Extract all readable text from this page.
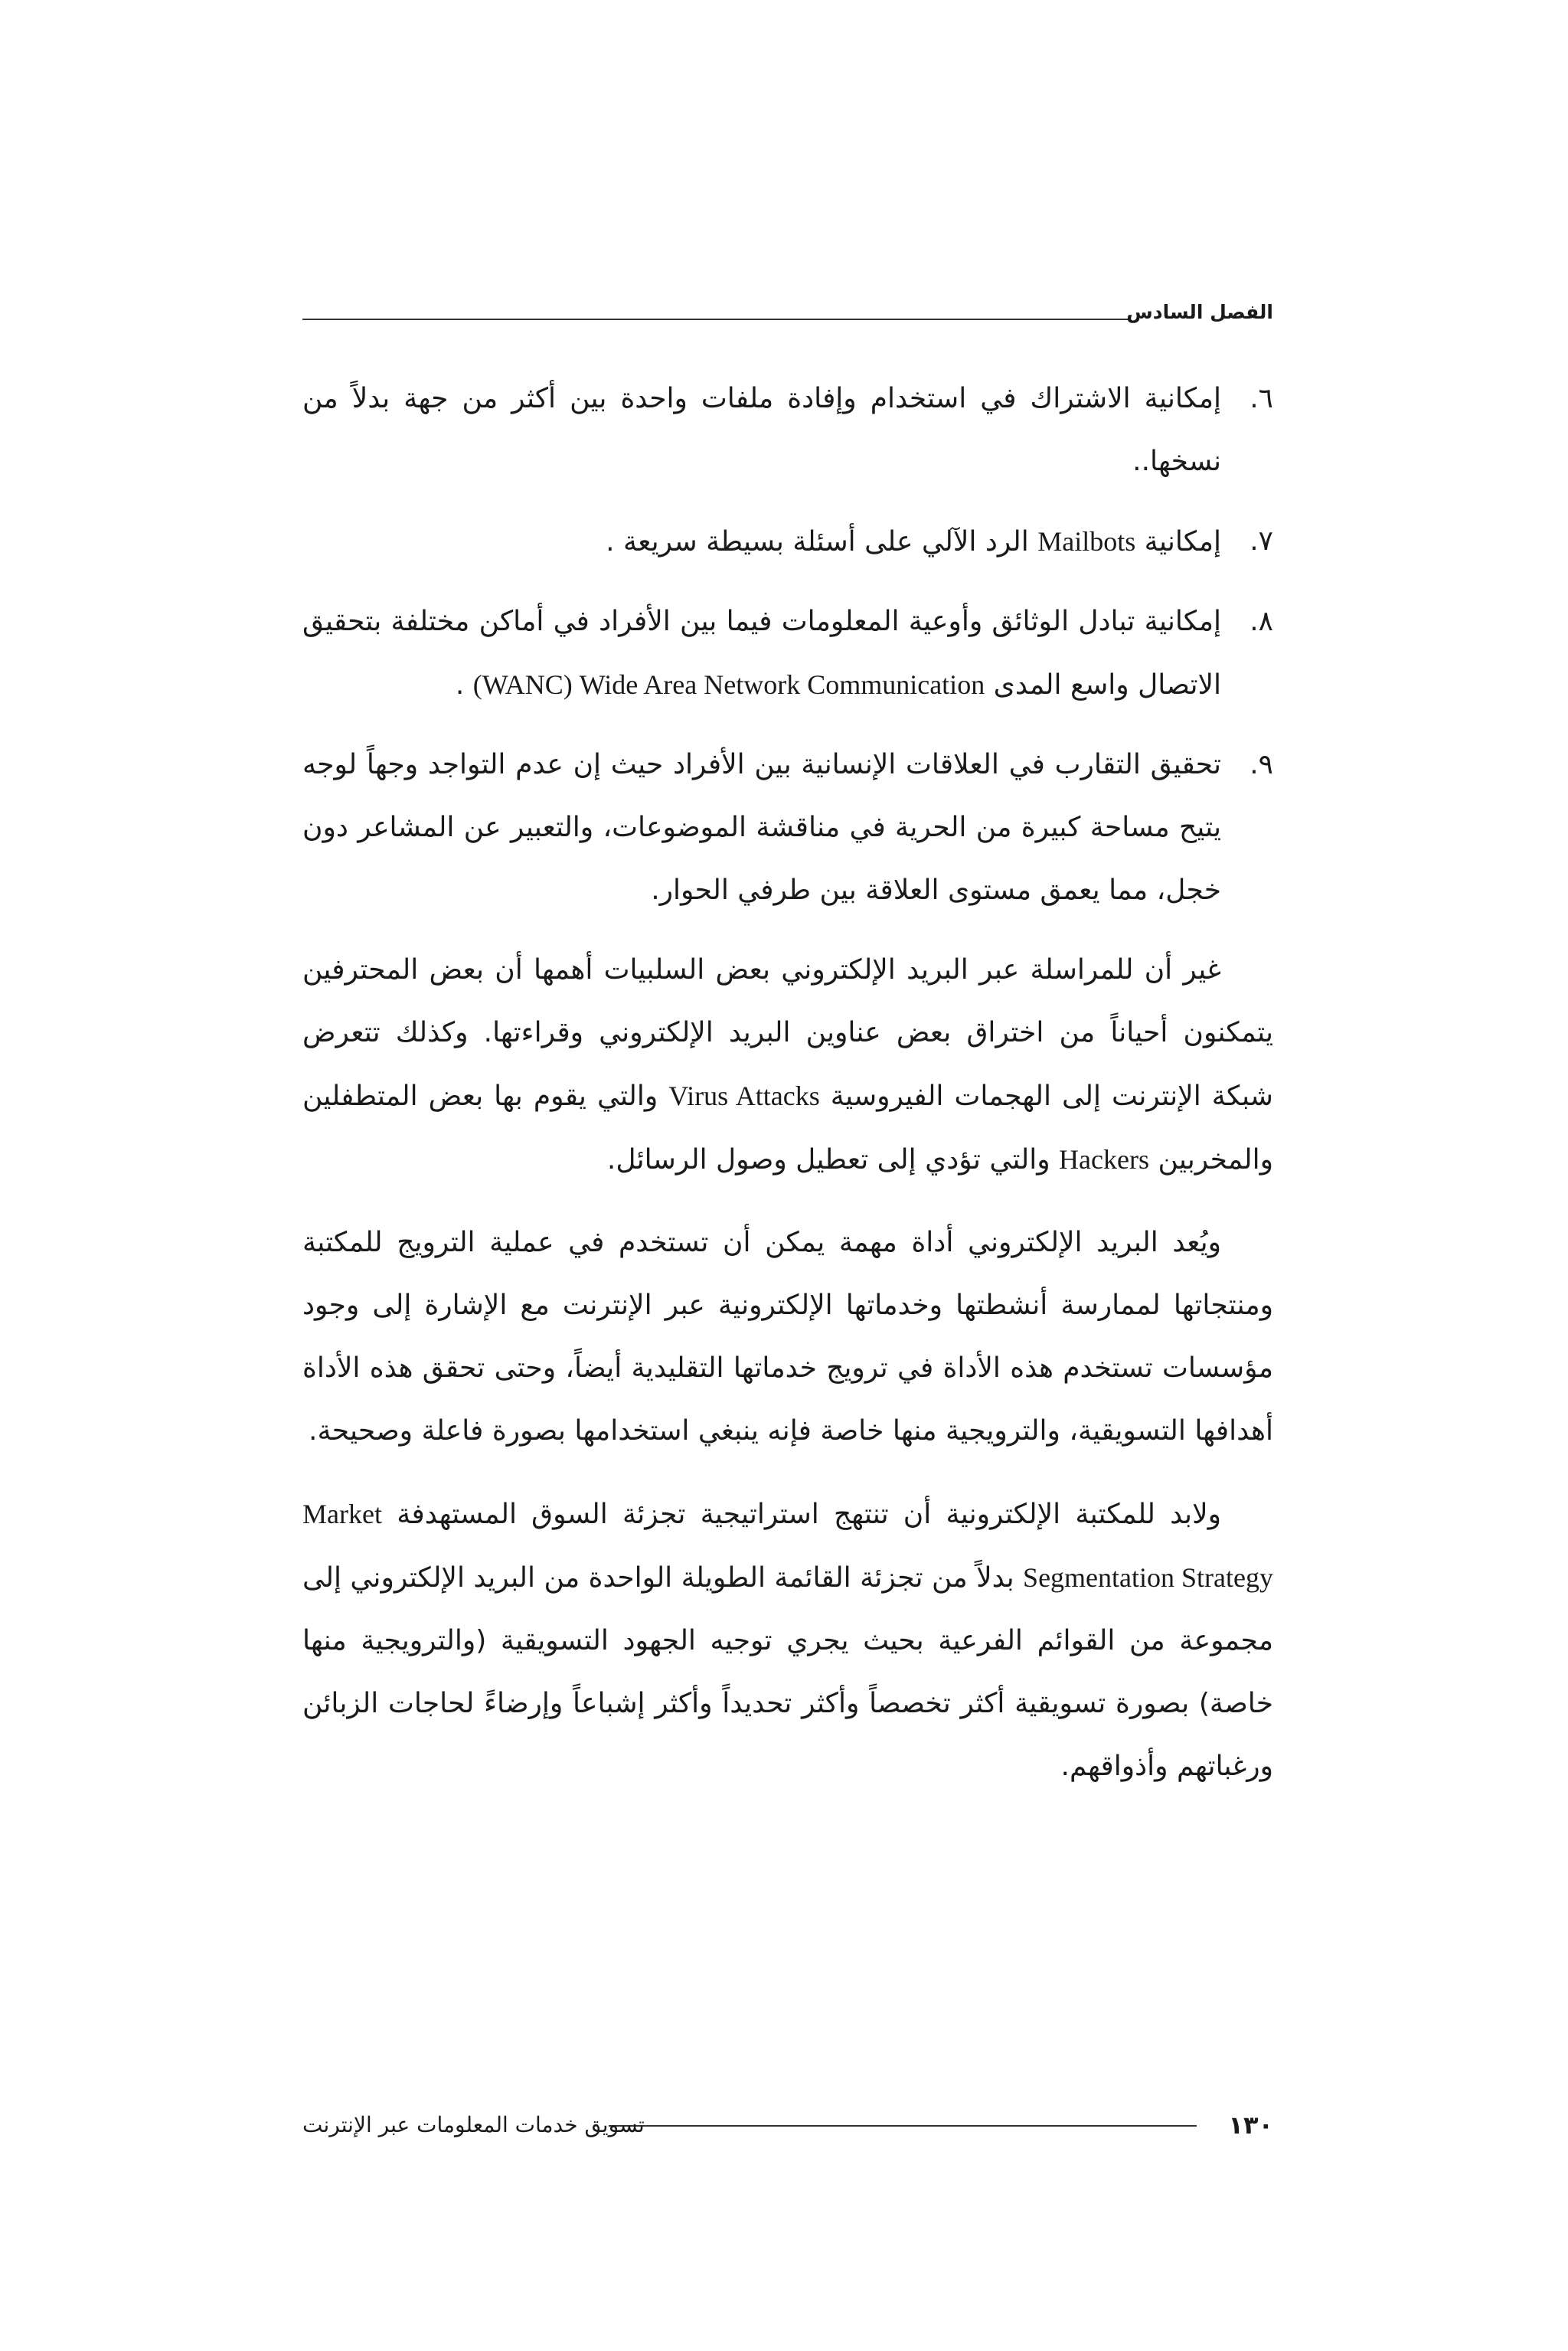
الفصل السادس
٦.
إمكانية الاشتراك في استخدام وإفادة ملفات واحدة بين أكثر من جهة بدلاً من نسخها..
٧.
إمكانية Mailbots الرد الآلي على أسئلة بسيطة سريعة .
٨.
إمكانية تبادل الوثائق وأوعية المعلومات فيما بين الأفراد في أماكن مختلفة بتحقيق الاتصال واسع المدى (WANC) Wide Area Network Communication .
٩.
تحقيق التقارب في العلاقات الإنسانية بين الأفراد حيث إن عدم التواجد وجهاً لوجه يتيح مساحة كبيرة من الحرية في مناقشة الموضوعات، والتعبير عن المشاعر دون خجل، مما يعمق مستوى العلاقة بين طرفي الحوار.

غير أن للمراسلة عبر البريد الإلكتروني بعض السلبيات أهمها أن بعض المحترفين يتمكنون أحياناً من اختراق بعض عناوين البريد الإلكتروني وقراءتها. وكذلك تتعرض شبكة الإنترنت إلى الهجمات الفيروسية Virus Attacks والتي يقوم بها بعض المتطفلين والمخربين Hackers والتي تؤدي إلى تعطيل وصول الرسائل.

ويُعد البريد الإلكتروني أداة مهمة يمكن أن تستخدم في عملية الترويج للمكتبة ومنتجاتها لممارسة أنشطتها وخدماتها الإلكترونية عبر الإنترنت مع الإشارة إلى وجود مؤسسات تستخدم هذه الأداة في ترويج خدماتها التقليدية أيضاً، وحتى تحقق هذه الأداة أهدافها التسويقية، والترويجية منها خاصة فإنه ينبغي استخدامها بصورة فاعلة وصحيحة.

ولابد للمكتبة الإلكترونية أن تنتهج استراتيجية تجزئة السوق المستهدفة Market Segmentation Strategy بدلاً من تجزئة القائمة الطويلة الواحدة من البريد الإلكتروني إلى مجموعة من القوائم الفرعية بحيث يجري توجيه الجهود التسويقية (والترويجية منها خاصة) بصورة تسويقية أكثر تخصصاً وأكثر تحديداً وأكثر إشباعاً وإرضاءً لحاجات الزبائن ورغباتهم وأذواقهم.

١٣٠
تسويق خدمات المعلومات عبر الإنترنت
